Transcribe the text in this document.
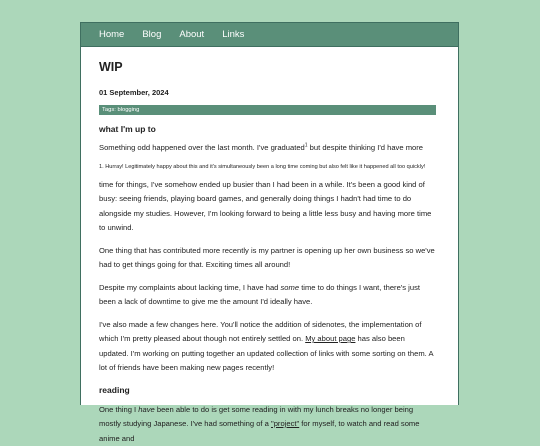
Home Blog About Links
WIP
01 September, 2024
Tags: blogging
what I'm up to

Something odd happened over the last month. I've graduated$^1$ but despite thinking I'd have more

1. Hurray! Legitimately happy about this and it's simultaneously been a long time coming but also felt like it happened all too quickly!

time for things, I've somehow ended up busier than I had been in a while. It's been a good kind of busy: seeing friends, playing board games, and generally doing things I hadn't had time to do alongside my studies. However, I'm looking forward to being a little less busy and having more time to unwind.

One thing that has contributed more recently is my partner is opening up her own business so we've had to get things going for that. Exciting times all around!

Despite my complaints about lacking time, I have had some time to do things I want, there's just been a lack of downtime to give me the amount I'd ideally have.

I've also made a few changes here. You'll notice the addition of sidenotes, the implementation of which I'm pretty pleased about though not entirely settled on. My about page has also been updated. I'm working on putting together an updated collection of links with some sorting on them. A lot of friends have been making new pages recently!

reading

One thing I have been able to do is get some reading in with my lunch breaks no longer being mostly studying Japanese. I've had something of a "project" for myself, to watch and read some anime and
